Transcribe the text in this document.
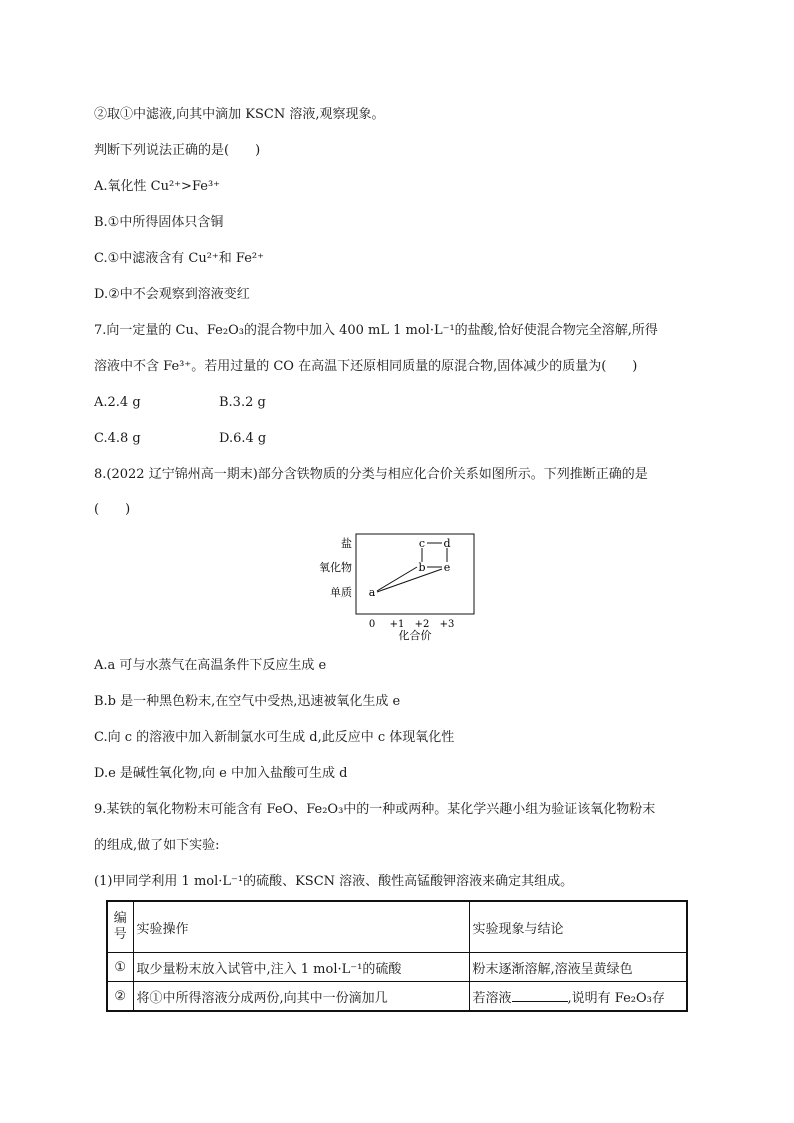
②取①中滤液,向其中滴加 KSCN 溶液,观察现象。
判断下列说法正确的是(　　)
A.氧化性 Cu²⁺>Fe³⁺
B.①中所得固体只含铜
C.①中滤液含有 Cu²⁺和 Fe²⁺
D.②中不会观察到溶液变红
7.向一定量的 Cu、Fe₂O₃的混合物中加入 400 mL 1 mol·L⁻¹的盐酸,恰好使混合物完全溶解,所得
溶液中不含 Fe³⁺。若用过量的 CO 在高温下还原相同质量的原混合物,固体减少的质量为(　　)
A.2.4 g	B.3.2 g
C.4.8 g	D.6.4 g
8.(2022 辽宁锦州高一期末)部分含铁物质的分类与相应化合价关系如图所示。下列推断正确的是
(　　)
单质
氧化物
盐
0 +1 +2 +3
a
b e
c d
化合价
A.a 可与水蒸气在高温条件下反应生成 e
B.b 是一种黑色粉末,在空气中受热,迅速被氧化生成 e
C.向 c 的溶液中加入新制氯水可生成 d,此反应中 c 体现氧化性
D.e 是碱性氧化物,向 e 中加入盐酸可生成 d
9.某铁的氧化物粉末可能含有 FeO、Fe₂O₃中的一种或两种。某化学兴趣小组为验证该氧化物粉末
的组成,做了如下实验:
(1)甲同学利用 1 mol·L⁻¹的硫酸、KSCN 溶液、酸性高锰酸钾溶液来确定其组成。
编号	实验操作	实验现象与结论
①	取少量粉末放入试管中,注入 1 mol·L⁻¹的硫酸	粉末逐渐溶解,溶液呈黄绿色
②	将①中所得溶液分成两份,向其中一份滴加几	若溶液 ,说明有 Fe₂O₃存
